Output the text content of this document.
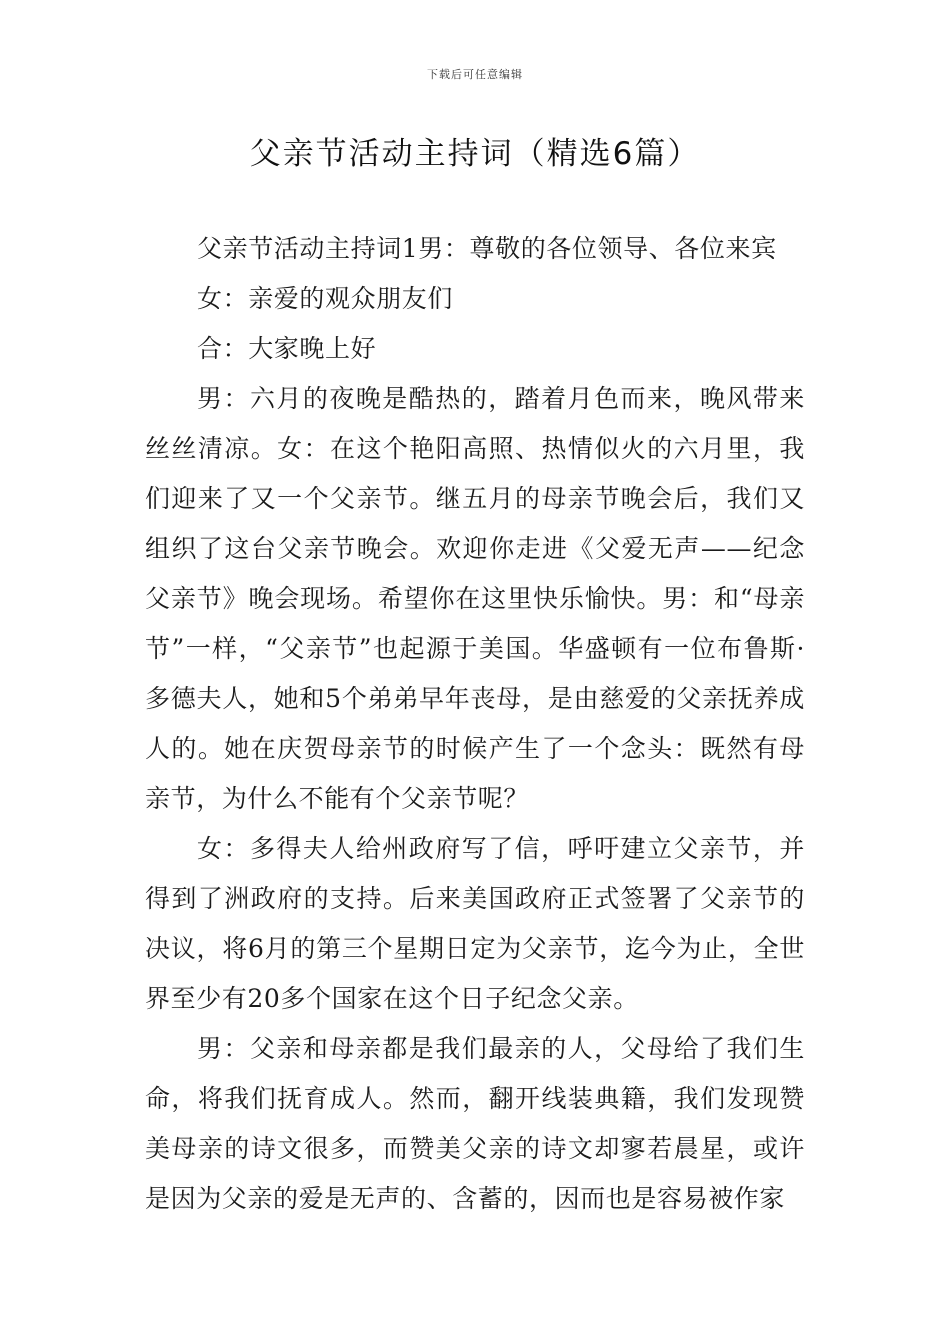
下载后可任意编辑
父亲节活动主持词（精选6篇）

父亲节活动主持词1男：尊敬的各位领导、各位来宾

女：亲爱的观众朋友们

合：大家晚上好

男：六月的夜晚是酷热的，踏着月色而来，晚风带来丝丝清凉。女：在这个艳阳高照、热情似火的六月里，我们迎来了又一个父亲节。继五月的母亲节晚会后，我们又组织了这台父亲节晚会。欢迎你走进《父爱无声——纪念父亲节》晚会现场。希望你在这里快乐愉快。男：和“母亲节”一样，“父亲节”也起源于美国。华盛顿有一位布鲁斯·多德夫人，她和5个弟弟早年丧母，是由慈爱的父亲抚养成人的。她在庆贺母亲节的时候产生了一个念头：既然有母亲节，为什么不能有个父亲节呢？

女：多得夫人给州政府写了信，呼吁建立父亲节，并得到了洲政府的支持。后来美国政府正式签署了父亲节的决议，将6月的第三个星期日定为父亲节，迄今为止，全世界至少有20多个国家在这个日子纪念父亲。

男：父亲和母亲都是我们最亲的人，父母给了我们生命，将我们抚育成人。然而，翻开线装典籍，我们发现赞美母亲的诗文很多，而赞美父亲的诗文却寥若晨星，或许是因为父亲的爱是无声的、含蓄的，因而也是容易被作家
